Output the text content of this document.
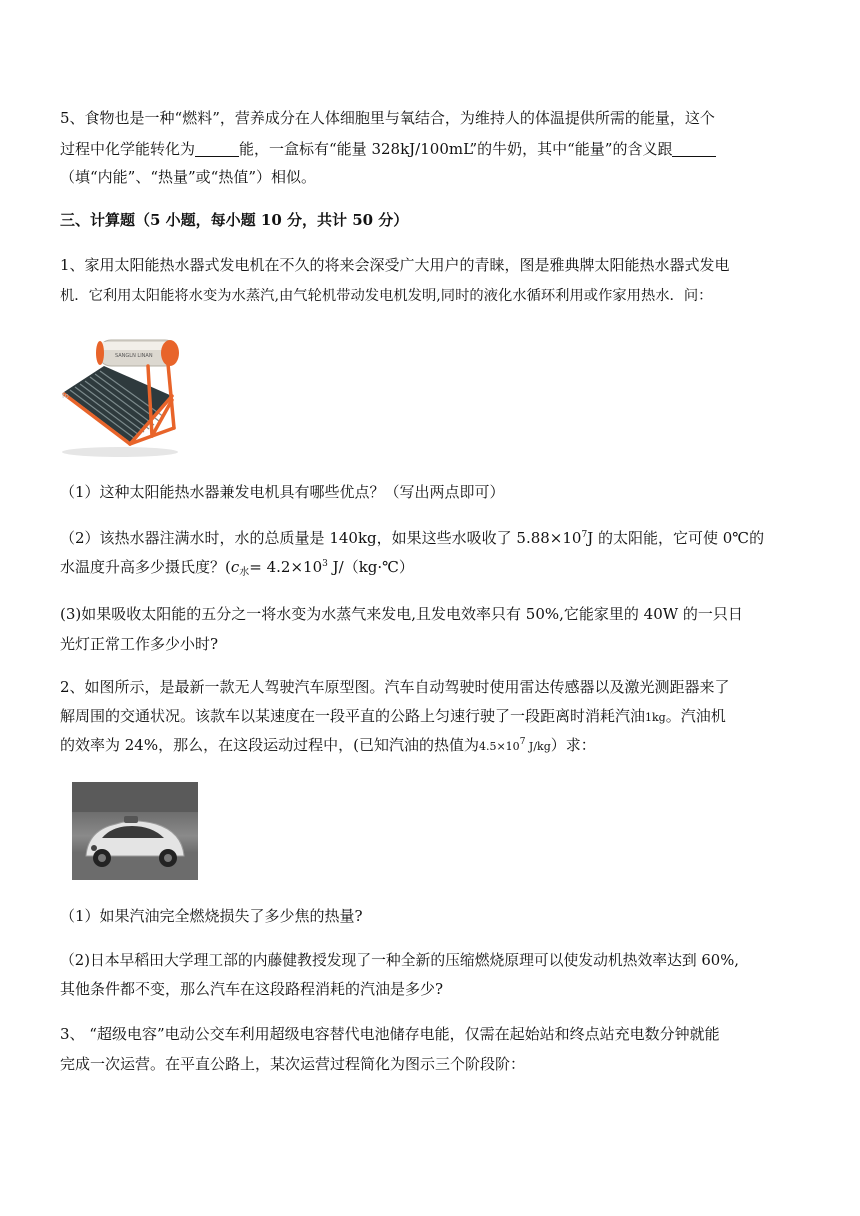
5、食物也是一种“燃料”，营养成分在人体细胞里与氧结合，为维持人的体温提供所需的能量，这个
过程中化学能转化为	能，一盒标有“能量 328kJ/100mL”的牛奶，其中“能量”的含义跟
（填“内能”、“热量”或“热值”）相似。
三、计算题（5 小题，每小题 10 分，共计 50 分）
1、家用太阳能热水器式发电机在不久的将来会深受广大用户的青睐，图是雅典牌太阳能热水器式发电
机．它利用太阳能将水变为水蒸汽,由气轮机带动发电机发明,同时的液化水循环利用或作家用热水．问：
SANGLN LINAN
fo
（1）这种太阳能热水器兼发电机具有哪些优点？（写出两点即可）
（2）该热水器注满水时，水的总质量是 140kg，如果这些水吸收了 $5.88\times 10^7J$ 的太阳能，它可使 0℃的
水温度升高多少摄氏度？($c_水= 4.2\times 10^3$ J/（kg·℃）
(3)如果吸收太阳能的五分之一将水变为水蒸气来发电,且发电效率只有 50%,它能家里的 40W 的一只日
光灯正常工作多少小时?
2、如图所示，是最新一款无人驾驶汽车原型图。汽车自动驾驶时使用雷达传感器以及激光测距器来了
解周围的交通状况。该款车以某速度在一段平直的公路上匀速行驶了一段距离时消耗汽油1kg。汽油机
的效率为 24%，那么，在这段运动过程中，(已知汽油的热值为$4.5\times 10^7$ J/kg）求：
（1）如果汽油完全燃烧损失了多少焦的热量?
（2)日本早稻田大学理工部的内藤健教授发现了一种全新的压缩燃烧原理可以使发动机热效率达到 60%,
其他条件都不变，那么汽车在这段路程消耗的汽油是多少?
3、 “超级电容”电动公交车利用超级电容替代电池储存电能，仅需在起始站和终点站充电数分钟就能
完成一次运营。在平直公路上，某次运营过程简化为图示三个阶段阶：
